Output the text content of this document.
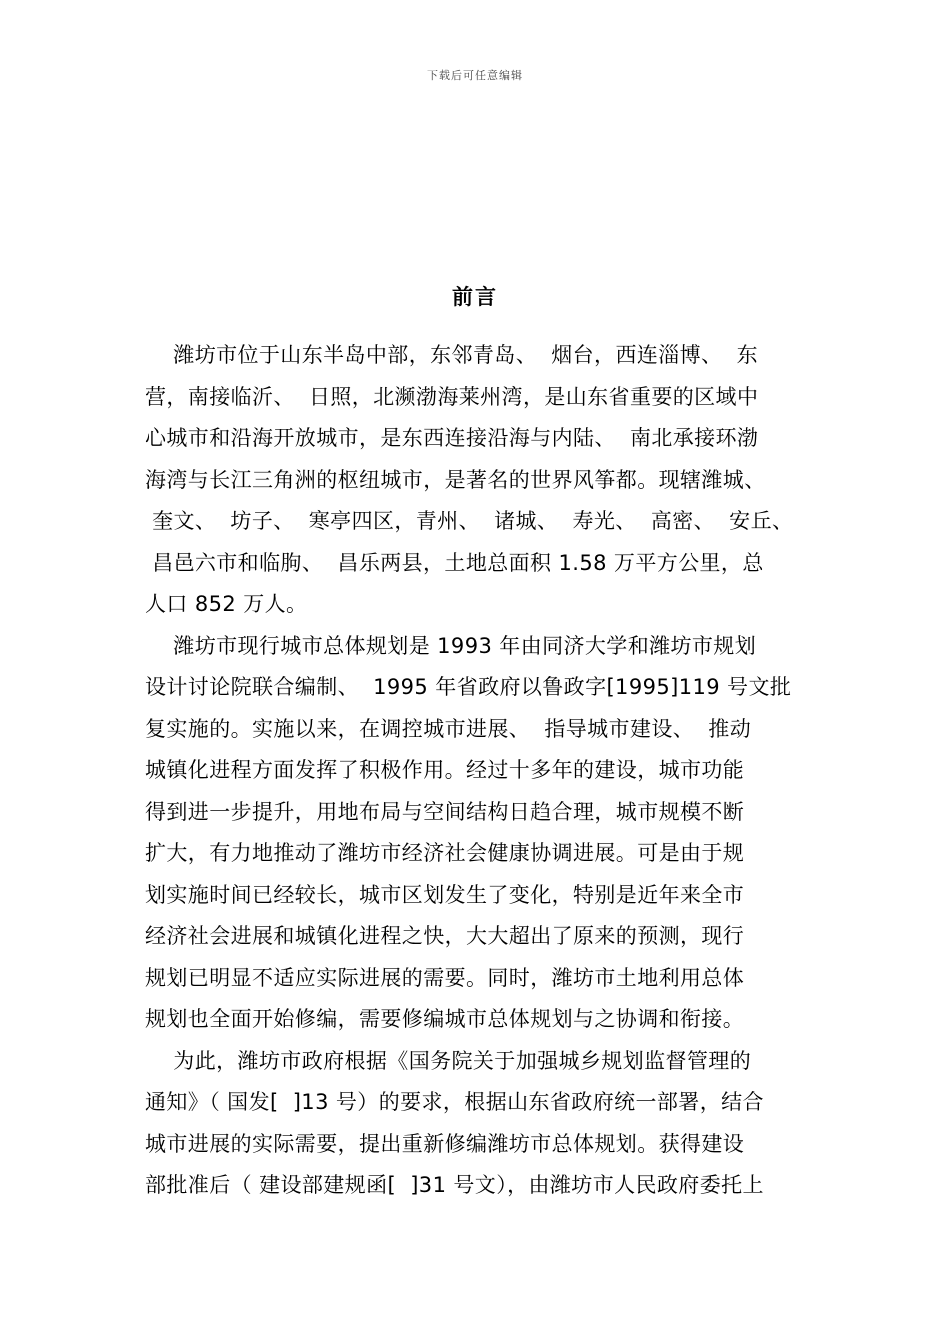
下载后可任意编辑
前言
潍坊市位于山东半岛中部，东邻青岛、  烟台，西连淄博、  东
营，南接临沂、  日照，北濒渤海莱州湾，是山东省重要的区域中
心城市和沿海开放城市，是东西连接沿海与内陆、  南北承接环渤
海湾与长江三角洲的枢纽城市，是著名的世界风筝都。现辖潍城、
奎文、  坊子、  寒亭四区，青州、  诸城、  寿光、  高密、  安丘、
昌邑六市和临朐、  昌乐两县，土地总面积 1.58 万平方公里，总
人口 852 万人。
潍坊市现行城市总体规划是 1993 年由同济大学和潍坊市规划
设计讨论院联合编制、  1995 年省政府以鲁政字[1995]119 号文批
复实施的。实施以来，在调控城市进展、  指导城市建设、  推动
城镇化进程方面发挥了积极作用。经过十多年的建设，城市功能
得到进一步提升，用地布局与空间结构日趋合理，城市规模不断
扩大，有力地推动了潍坊市经济社会健康协调进展。可是由于规
划实施时间已经较长，城市区划发生了变化，特别是近年来全市
经济社会进展和城镇化进程之快，大大超出了原来的预测，现行
规划已明显不适应实际进展的需要。同时，潍坊市土地利用总体
规划也全面开始修编，需要修编城市总体规划与之协调和衔接。
为此，潍坊市政府根据《国务院关于加强城乡规划监督管理的
通知》（ 国发[  ]13 号）的要求，根据山东省政府统一部署，结合
城市进展的实际需要，提出重新修编潍坊市总体规划。获得建设
部批准后（ 建设部建规函[  ]31 号文），由潍坊市人民政府委托上
